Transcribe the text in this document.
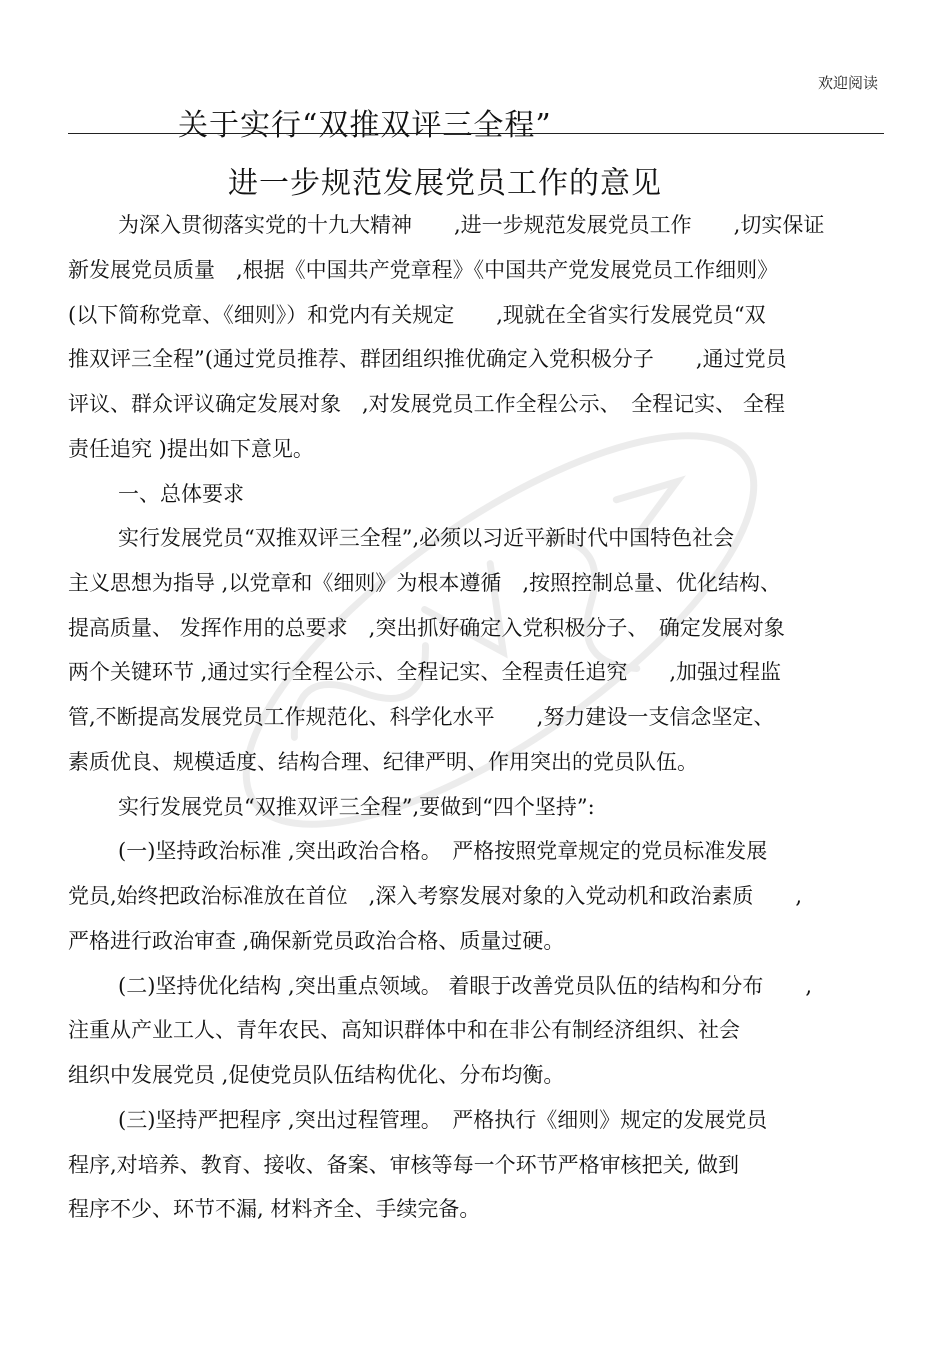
欢迎阅读
关于实行“双推双评三全程”
进一步规范发展党员工作的意见
为深入贯彻落实党的十九大精神　　,进一步规范发展党员工作　　,切实保证
新发展党员质量　,根据《中国共产党章程》《中国共产党发展党员工作细则》
(以下简称党章、《细则》）和党内有关规定　　,现就在全省实行发展党员“双
推双评三全程”(通过党员推荐、群团组织推优确定入党积极分子　　,通过党员
评议、群众评议确定发展对象　,对发展党员工作全程公示、　全程记实、 全程
责任追究 )提出如下意见。
一、总体要求
实行发展党员“双推双评三全程”,必须以习近平新时代中国特色社会
主义思想为指导 ,以党章和《细则》为根本遵循　,按照控制总量、优化结构、
提高质量、 发挥作用的总要求　,突出抓好确定入党积极分子、　确定发展对象
两个关键环节 ,通过实行全程公示、全程记实、全程责任追究　　,加强过程监
管,不断提高发展党员工作规范化、科学化水平　　,努力建设一支信念坚定、
素质优良、规模适度、结构合理、纪律严明、作用突出的党员队伍。
实行发展党员“双推双评三全程”,要做到“四个坚持”:
(一)坚持政治标准 ,突出政治合格。　严格按照党章规定的党员标准发展
党员,始终把政治标准放在首位　,深入考察发展对象的入党动机和政治素质　　,
严格进行政治审查 ,确保新党员政治合格、质量过硬。
(二)坚持优化结构 ,突出重点领域。 着眼于改善党员队伍的结构和分布　　,
注重从产业工人、青年农民、高知识群体中和在非公有制经济组织、社会
组织中发展党员 ,促使党员队伍结构优化、分布均衡。
(三)坚持严把程序 ,突出过程管理。　严格执行《细则》规定的发展党员
程序,对培养、教育、接收、备案、审核等每一个环节严格审核把关, 做到
程序不少、环节不漏, 材料齐全、手续完备。
